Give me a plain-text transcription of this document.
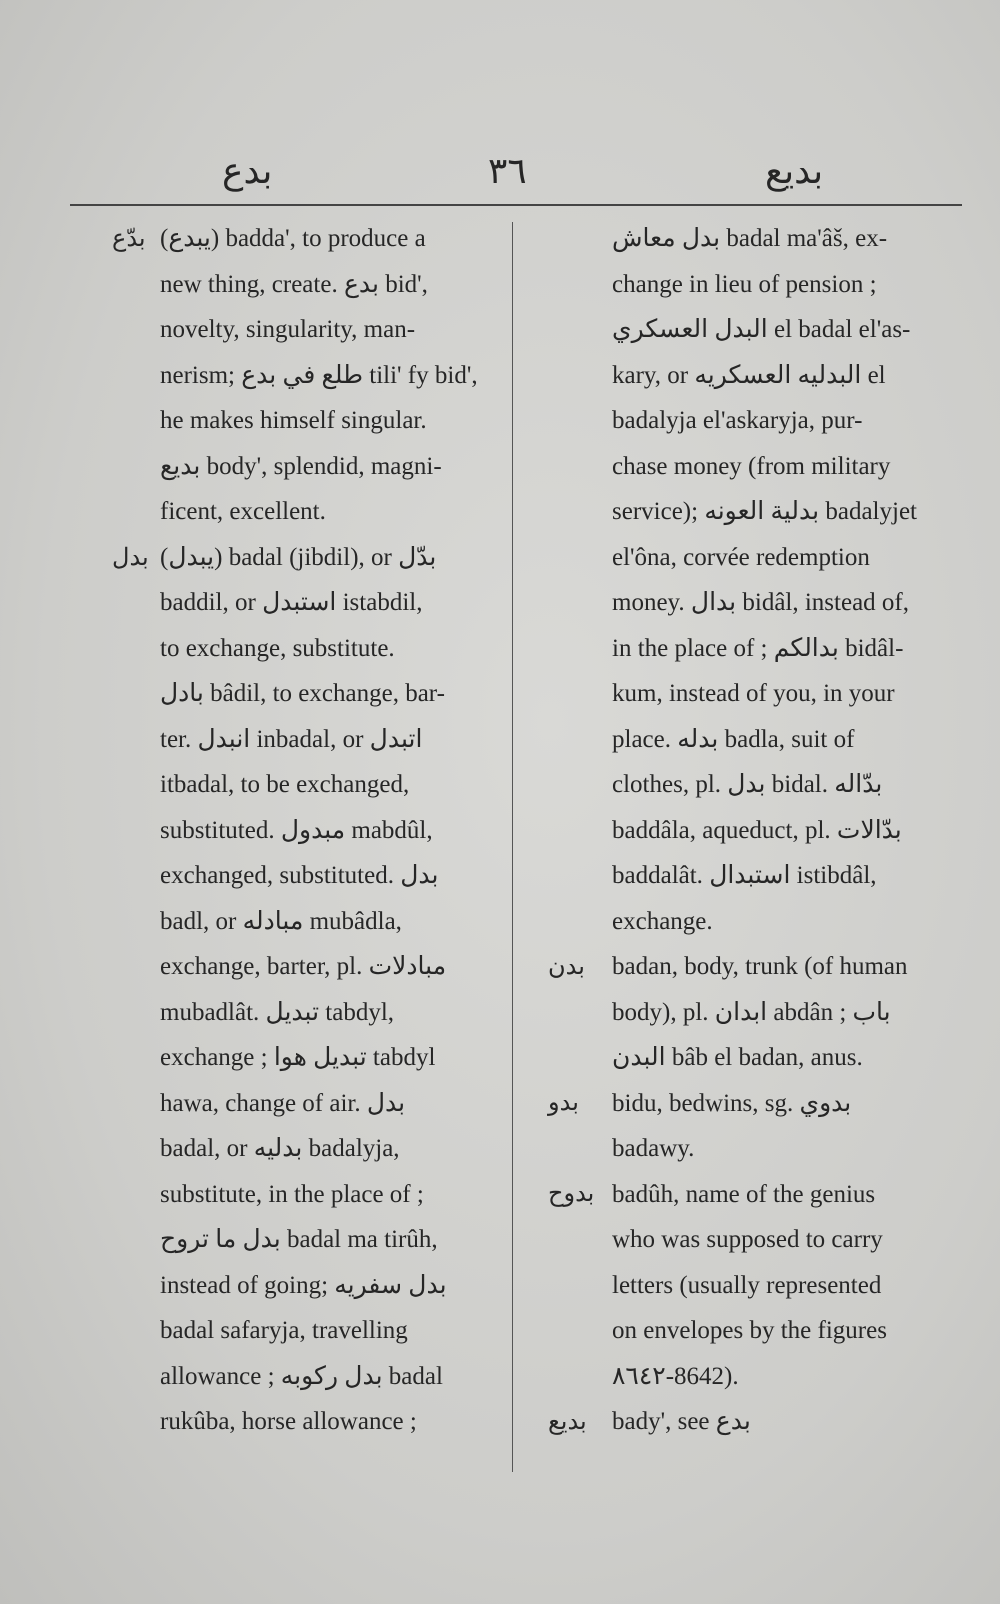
بدع	٣٦	بديع
(يبدع) badda', to produce a
new thing, create. بدع bid',
novelty, singularity, man-
nerism; طلع في بدع tili' fy bid',
he makes himself singular.
بديع body', splendid, magni-
ficent, excellent.
(يبدل) badal (jibdil), or بدّل
baddil, or استبدل istabdil,
to exchange, substitute.
بادل bâdil, to exchange, bar-
ter. انبدل inbadal, or اتبدل
itbadal, to be exchanged,
substituted. مبدول mabdûl,
exchanged, substituted. بدل
badl, or مبادله mubâdla,
exchange, barter, pl. مبادلات
mubadlât. تبديل tabdyl,
exchange ; تبديل هوا tabdyl
hawa, change of air. بدل
badal, or بدليه badalyja,
substitute, in the place of ;
بدل ما تروح badal ma tirûh,
instead of going; بدل سفريه
badal safaryja, travelling
allowance ; بدل ركوبه badal
rukûba, horse allowance ;
بدّع
بدل
بدل معاش badal ma'âš, ex-
change in lieu of pension ;
البدل العسكري el badal el'as-
kary, or البدليه العسكريه el
badalyja el'askaryja, pur-
chase money (from military
service); بدلية العونه badalyjet
el'ôna, corvée redemption
money. بدال bidâl, instead of,
in the place of ; بدالكم bidâl-
kum, instead of you, in your
place. بدله badla, suit of
clothes, pl. بدل bidal. بدّاله
baddâla, aqueduct, pl. بدّالات
baddalât. استبدال istibdâl,
exchange.
badan, body, trunk (of human
body), pl. ابدان abdân ; باب
البدن bâb el badan, anus.
bidu, bedwins, sg. بدوي
badawy.
badûh, name of the genius
who was supposed to carry
letters (usually represented
on envelopes by the figures
٨٦٤٢-8642).
bady', see بدع
بدن
بدو
بدوح
بديع
